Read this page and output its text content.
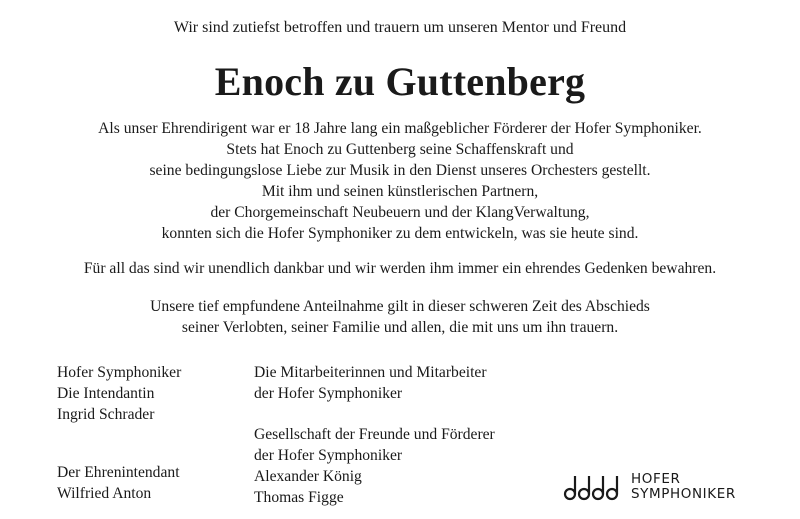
Wir sind zutiefst betroffen und trauern um unseren Mentor und Freund
Enoch zu Guttenberg
Als unser Ehrendirigent war er 18 Jahre lang ein maßgeblicher Förderer der Hofer Symphoniker.
Stets hat Enoch zu Guttenberg seine Schaffenskraft und
seine bedingungslose Liebe zur Musik in den Dienst unseres Orchesters gestellt.
Mit ihm und seinen künstlerischen Partnern,
der Chorgemeinschaft Neubeuern und der KlangVerwaltung,
konnten sich die Hofer Symphoniker zu dem entwickeln, was sie heute sind.
Für all das sind wir unendlich dankbar und wir werden ihm immer ein ehrendes Gedenken bewahren.
Unsere tief empfundene Anteilnahme gilt in dieser schweren Zeit des Abschieds
seiner Verlobten, seiner Familie und allen, die mit uns um ihn trauern.
Hofer Symphoniker
Die Intendantin
Ingrid Schrader
Der Ehrenintendant
Wilfried Anton
Die Mitarbeiterinnen und Mitarbeiter
der Hofer Symphoniker
Gesellschaft der Freunde und Förderer
der Hofer Symphoniker
Alexander König
Thomas Figge
HOFER
SYMPHONIKER
